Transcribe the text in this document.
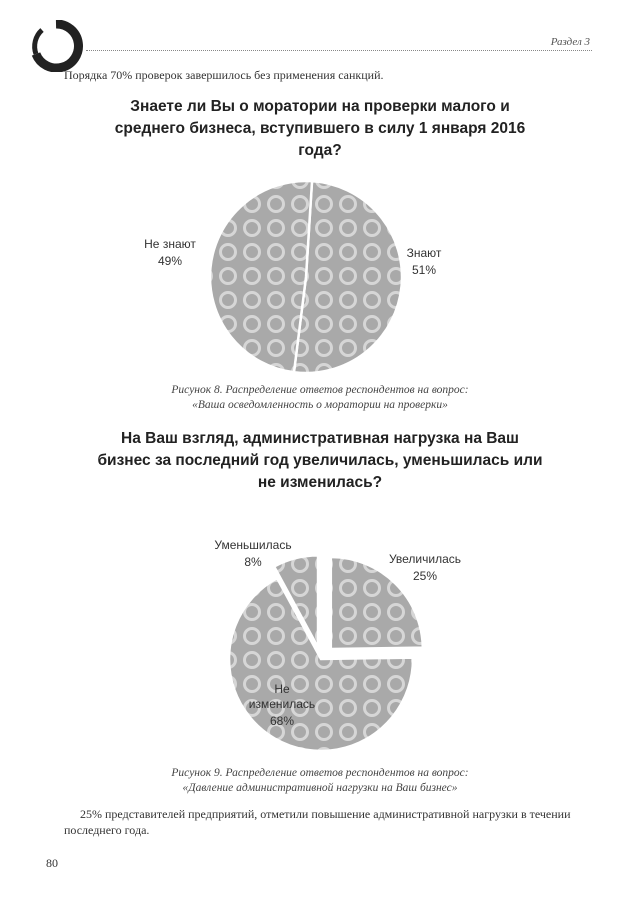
Раздел 3
Порядка 70% проверок завершилось без применения санкций.
Знаете ли Вы о моратории на проверки малого и среднего бизнеса, вступившего в силу 1 января 2016 года?
На Ваш взгляд, административная нагрузка на Ваш бизнес за последний год увеличилась, уменьшилась или не изменилась?
Знают
51%
Не знают
49%
Увеличилась
25%
Не изменилась
68%
Уменьшилась
8%
Рисунок 8. Распределение ответов респондентов на вопрос:
«Ваша осведомленность о моратории на проверки»
Рисунок 9. Распределение ответов респондентов на вопрос:
«Давление административной нагрузки на Ваш бизнес»
25% представителей предприятий, отметили повышение административной нагрузки в течении последнего года.
80
